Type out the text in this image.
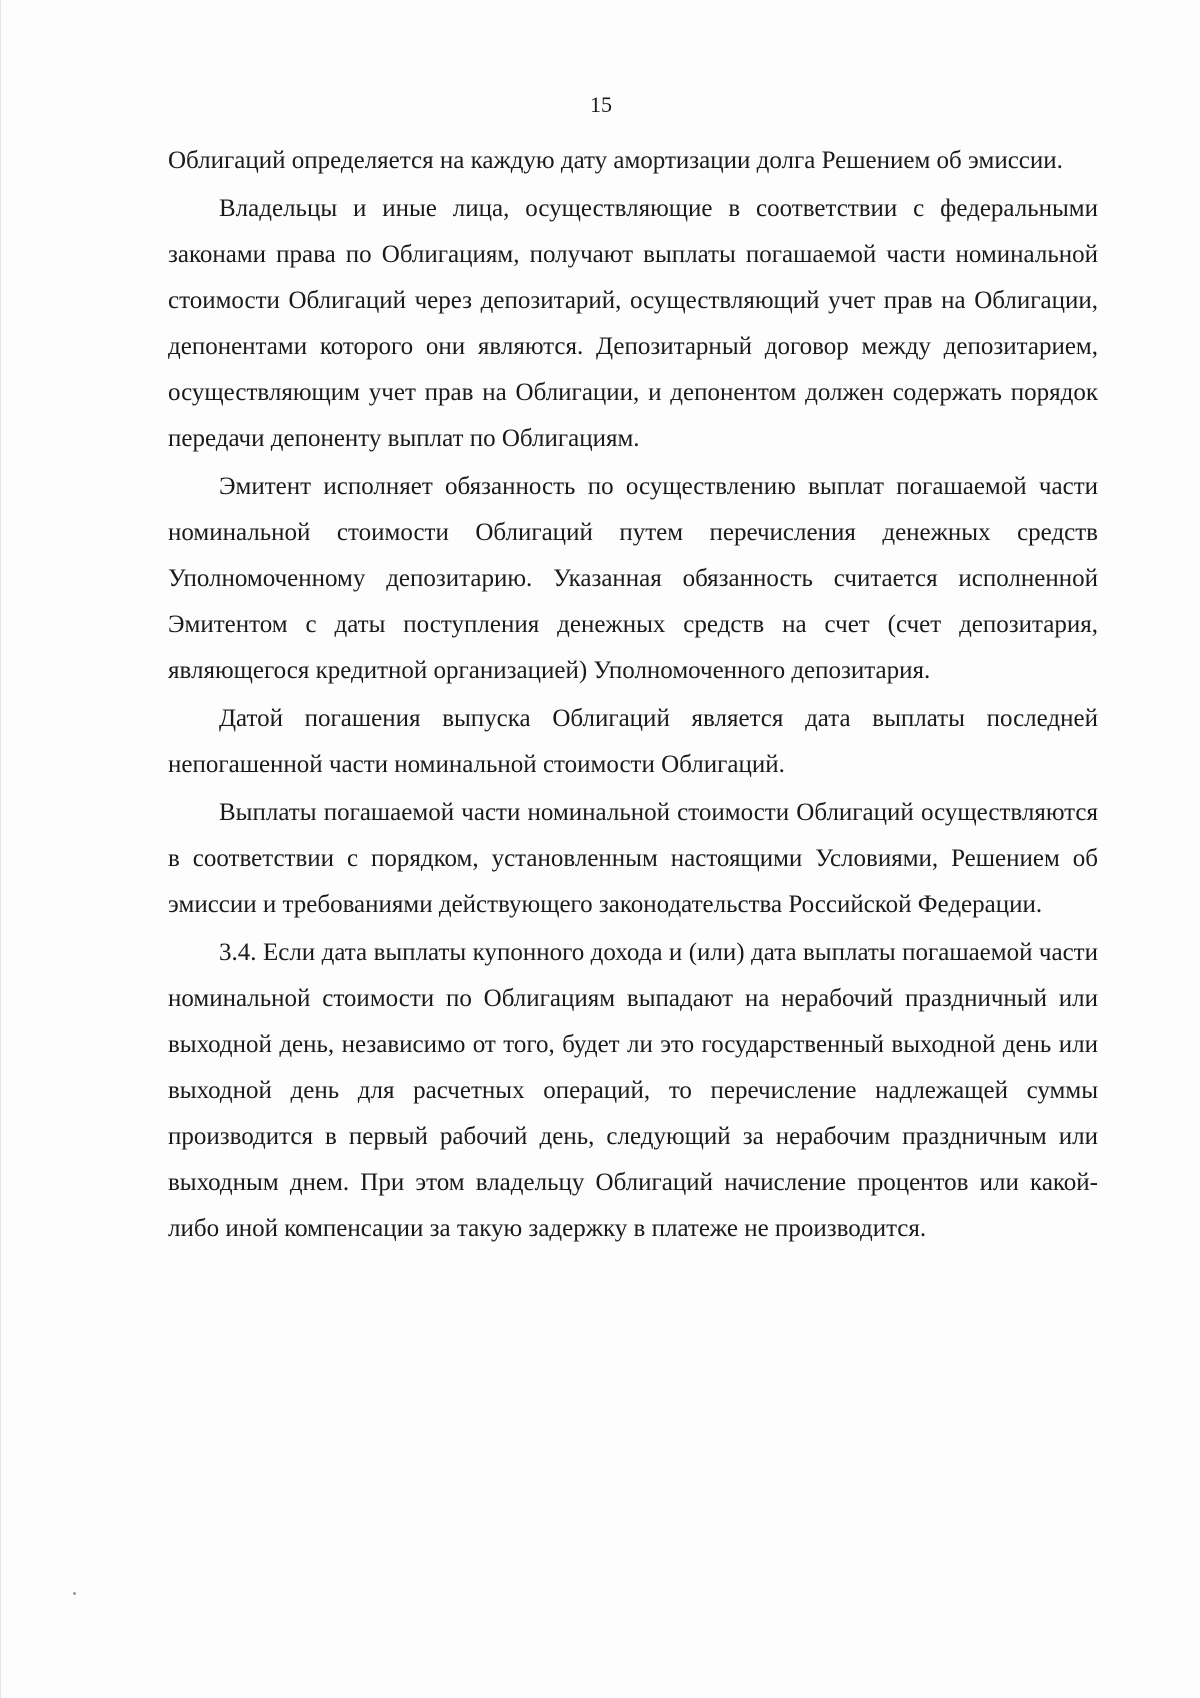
15

Облигаций определяется на каждую дату амортизации долга Решением об эмиссии.

Владельцы и иные лица, осуществляющие в соответствии с федеральными законами права по Облигациям, получают выплаты погашаемой части номинальной стоимости Облигаций через депозитарий, осуществляющий учет прав на Облигации, депонентами которого они являются. Депозитарный договор между депозитарием, осуществляющим учет прав на Облигации, и депонентом должен содержать порядок передачи депоненту выплат по Облигациям.

Эмитент исполняет обязанность по осуществлению выплат погашаемой части номинальной стоимости Облигаций путем перечисления денежных средств Уполномоченному депозитарию. Указанная обязанность считается исполненной Эмитентом с даты поступления денежных средств на счет (счет депозитария, являющегося кредитной организацией) Уполномоченного депозитария.

Датой погашения выпуска Облигаций является дата выплаты последней непогашенной части номинальной стоимости Облигаций.

Выплаты погашаемой части номинальной стоимости Облигаций осуществляются в соответствии с порядком, установленным настоящими Условиями, Решением об эмиссии и требованиями действующего законодательства Российской Федерации.

3.4. Если дата выплаты купонного дохода и (или) дата выплаты погашаемой части номинальной стоимости по Облигациям выпадают на нерабочий праздничный или выходной день, независимо от того, будет ли это государственный выходной день или выходной день для расчетных операций, то перечисление надлежащей суммы производится в первый рабочий день, следующий за нерабочим праздничным или выходным днем. При этом владельцу Облигаций начисление процентов или какой-либо иной компенсации за такую задержку в платеже не производится.
